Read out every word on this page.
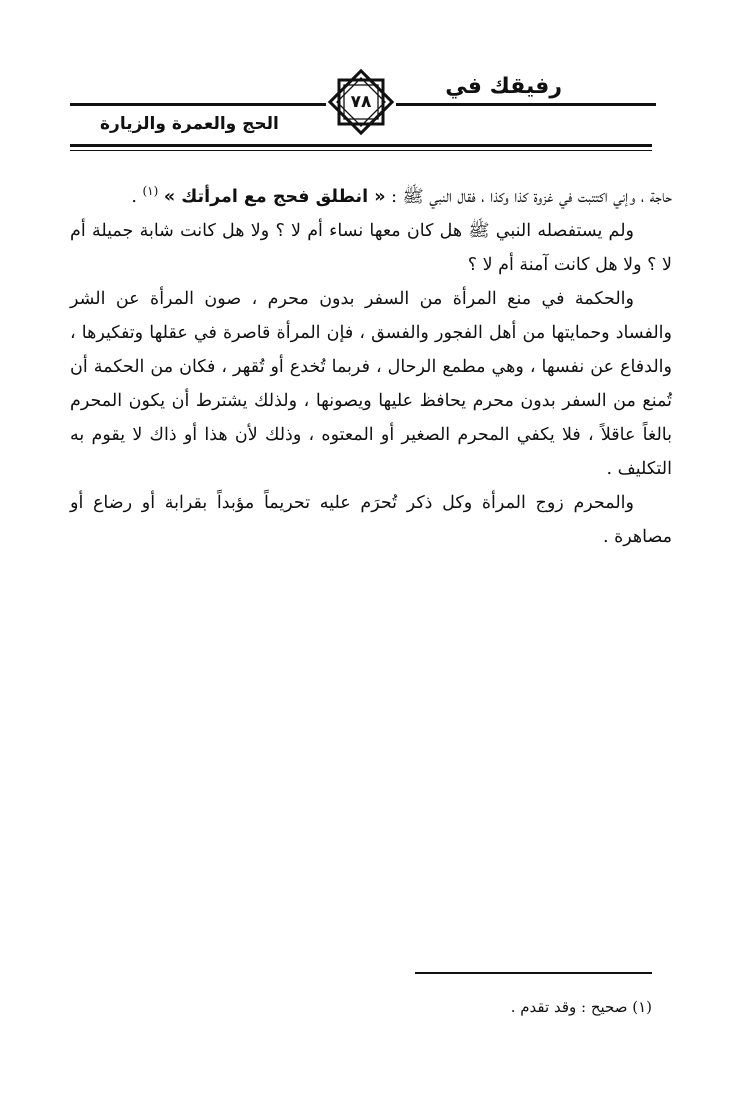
رفيقك في
٧٨
الحج والعمرة والزيارة

حاجة ، وإني اكتتبت في غزوة كذا وكذا ، فقال النبي ﷺ : « انطلق فحج مع امرأتك » $^{(١)}$ .

ولم يستفصله النبي ﷺ هل كان معها نساء أم لا ؟ ولا هل كانت شابة جميلة أم لا ؟ ولا هل كانت آمنة أم لا ؟

والحكمة في منع المرأة من السفر بدون محرم ، صون المرأة عن الشر والفساد وحمايتها من أهل الفجور والفسق ، فإن المرأة قاصرة في عقلها وتفكيرها ، والدفاع عن نفسها ، وهي مطمع الرحال ، فربما تُخدع أو تُقهر ، فكان من الحكمة أن تُمنع من السفر بدون محرم يحافظ عليها ويصونها ، ولذلك يشترط أن يكون المحرم بالغاً عاقلاً ، فلا يكفي المحرم الصغير أو المعتوه ، وذلك لأن هذا أو ذاك لا يقوم به التكليف .

والمحرم زوج المرأة وكل ذكر تُحرَم عليه تحريماً مؤبداً بقرابة أو رضاع أو مصاهرة .

(١) صحيح : وقد تقدم .
